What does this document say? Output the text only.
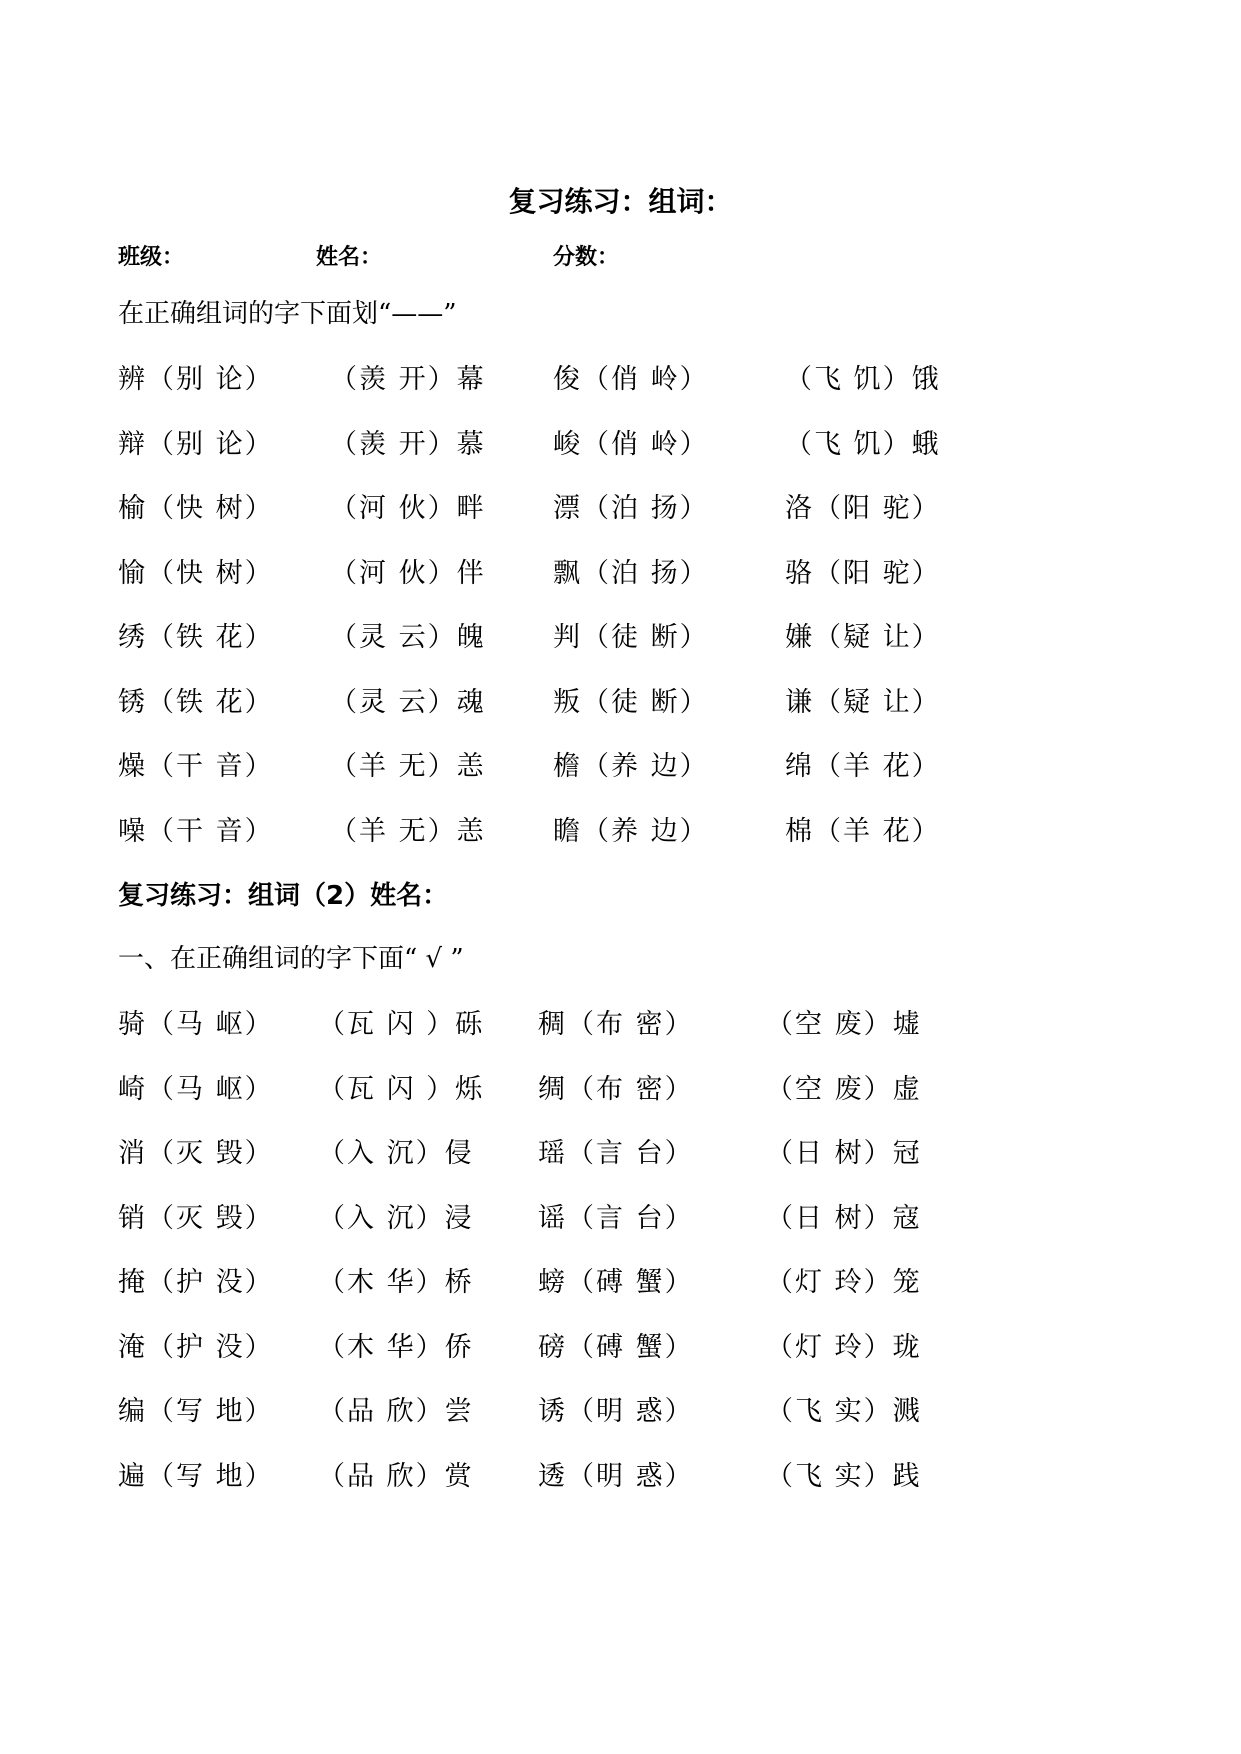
复习练习：组词：
班级：	姓名：	分数：
在正确组词的字下面划“——”
辨（别 论） （羡 开）幕 俊（俏 岭）	（飞 饥）饿
辩（别 论） （羡 开）慕 峻（俏 岭）	（飞 饥）蛾
榆（快 树） （河 伙）畔 漂（泊 扬）	洛（阳 驼）
愉（快 树） （河 伙）伴 飘（泊 扬）	骆（阳 驼）
绣（铁 花） （灵 云）魄 判（徒 断）	嫌（疑 让）
锈（铁 花） （灵 云）魂 叛（徒 断）	谦（疑 让）
燥（干 音） （羊 无）恙 檐（养 边）	绵（羊 花）
噪（干 音） （羊 无）恙 瞻（养 边）	棉（羊 花）
复习练习：组词（2）姓名：
一、在正确组词的字下面“ √ ”
骑（马 岖） （瓦 闪 ）砾 稠（布 密）	（空 废）墟
崎（马 岖） （瓦 闪 ）烁 绸（布 密）	（空 废）虚
消（灭 毁） （入 沉）侵 瑶（言 台）	（日 树）冠
销（灭 毁） （入 沉）浸 谣（言 台）	（日 树）寇
掩（护 没） （木 华）桥 螃（磗 蟹）	（灯 玲）笼
淹（护 没） （木 华）侨 磅（磗 蟹）	（灯 玲）珑
编（写 地） （品 欣）尝 诱（明 惑）	（飞 实）溅
遍（写 地） （品 欣）赏 透（明 惑）	（飞 实）践
